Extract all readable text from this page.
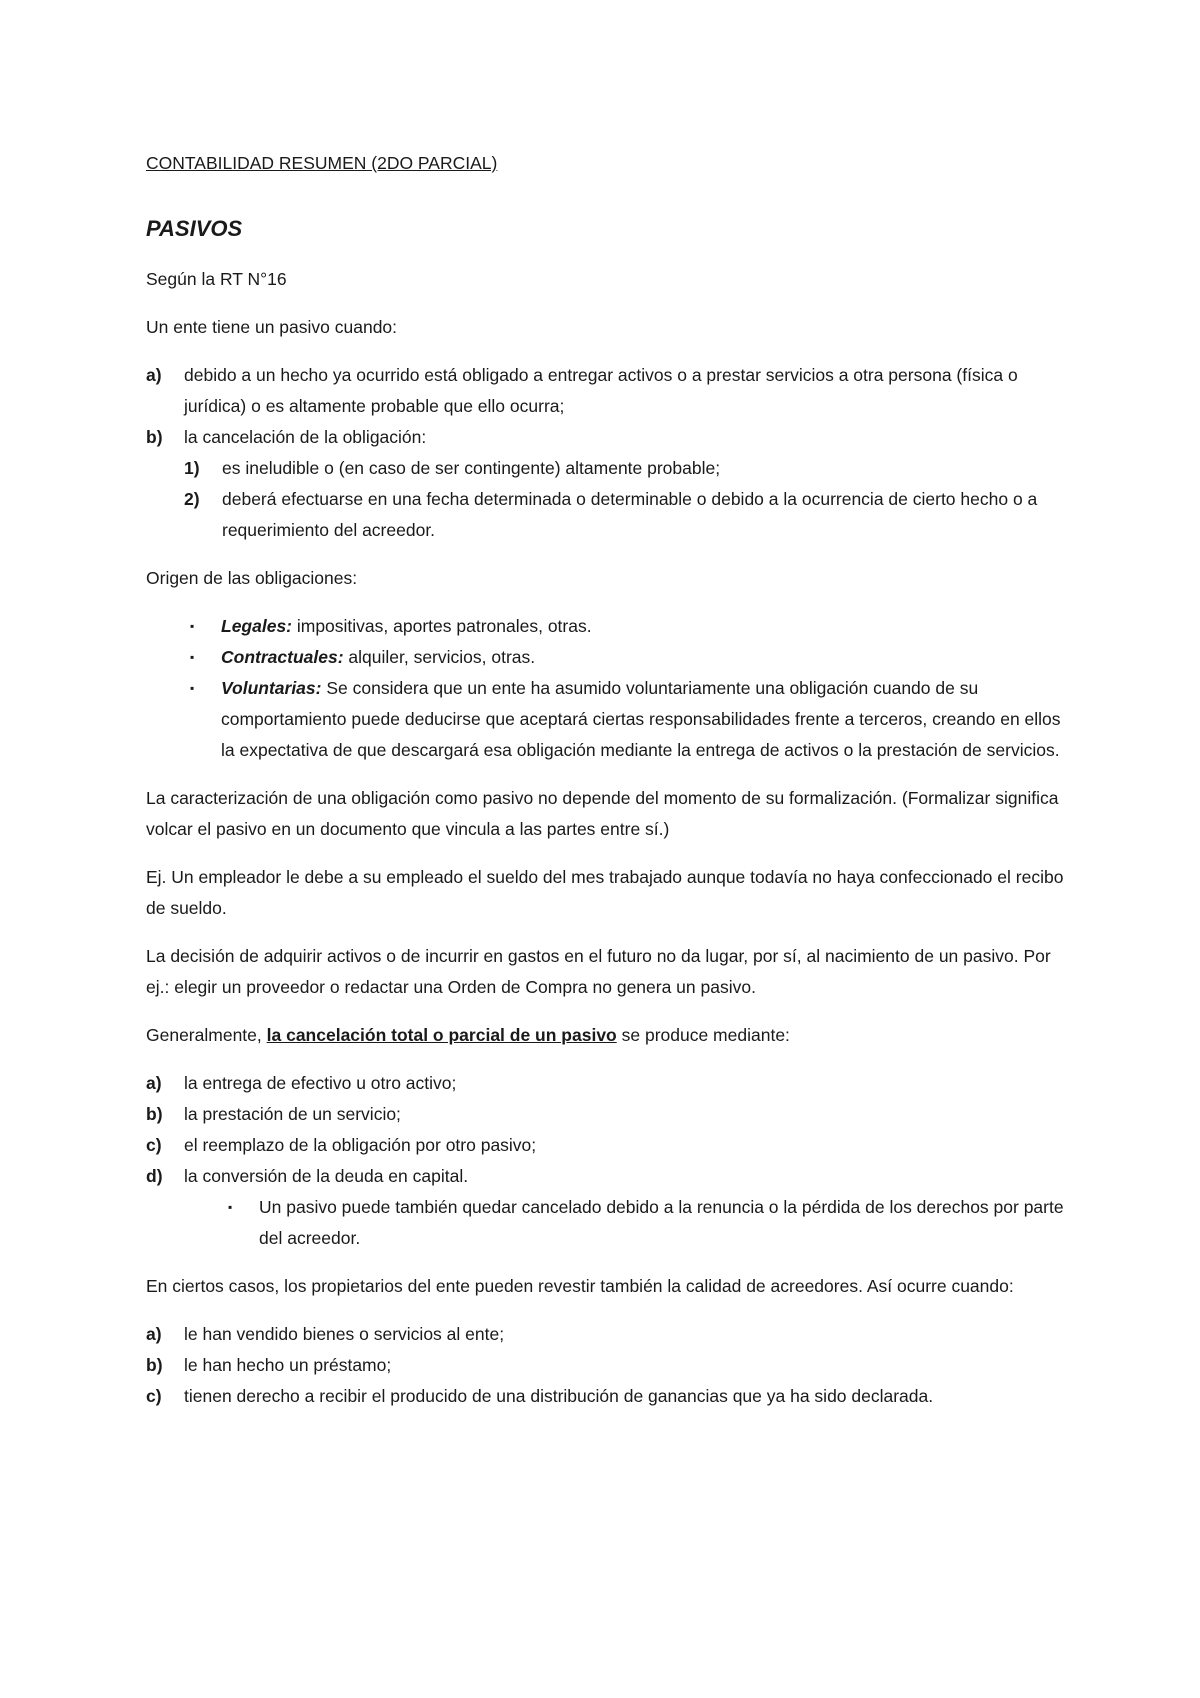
CONTABILIDAD RESUMEN (2DO PARCIAL)

PASIVOS

Según la RT N°16

Un ente tiene un pasivo cuando:

a) debido a un hecho ya ocurrido está obligado a entregar activos o a prestar servicios a otra persona (física o jurídica) o es altamente probable que ello ocurra;
b) la cancelación de la obligación:
1) es ineludible o (en caso de ser contingente) altamente probable;
2) deberá efectuarse en una fecha determinada o determinable o debido a la ocurrencia de cierto hecho o a requerimiento del acreedor.

Origen de las obligaciones:

▪ Legales: impositivas, aportes patronales, otras.
▪ Contractuales: alquiler, servicios, otras.
▪ Voluntarias: Se considera que un ente ha asumido voluntariamente una obligación cuando de su comportamiento puede deducirse que aceptará ciertas responsabilidades frente a terceros, creando en ellos la expectativa de que descargará esa obligación mediante la entrega de activos o la prestación de servicios.

La caracterización de una obligación como pasivo no depende del momento de su formalización. (Formalizar significa volcar el pasivo en un documento que vincula a las partes entre sí.)

Ej. Un empleador le debe a su empleado el sueldo del mes trabajado aunque todavía no haya confeccionado el recibo de sueldo.

La decisión de adquirir activos o de incurrir en gastos en el futuro no da lugar, por sí, al nacimiento de un pasivo. Por ej.: elegir un proveedor o redactar una Orden de Compra no genera un pasivo.

Generalmente, la cancelación total o parcial de un pasivo se produce mediante:

a) la entrega de efectivo u otro activo;
b) la prestación de un servicio;
c) el reemplazo de la obligación por otro pasivo;
d) la conversión de la deuda en capital.
▪ Un pasivo puede también quedar cancelado debido a la renuncia o la pérdida de los derechos por parte del acreedor.

En ciertos casos, los propietarios del ente pueden revestir también la calidad de acreedores. Así ocurre cuando:

a) le han vendido bienes o servicios al ente;
b) le han hecho un préstamo;
c) tienen derecho a recibir el producido de una distribución de ganancias que ya ha sido declarada.
